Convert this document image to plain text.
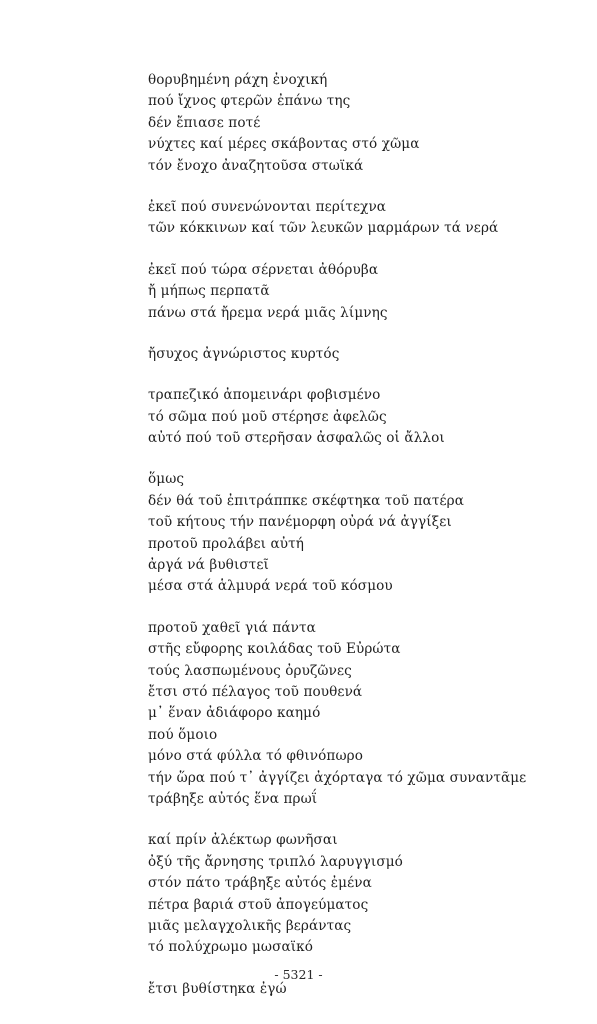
θορυβημένη ράχη ἐνοχική
πού ἴχνος φτερῶν ἐπάνω της
δέν ἔπιασε ποτέ
νύχτες καί μέρες σκάβοντας στό χῶμα
τόν ἔνοχο ἀναζητοῦσα στωϊκά
ἐκεῖ πού συνενώνονται περίτεχνα
τῶν κόκκινων καί τῶν λευκῶν μαρμάρων τά νερά
ἐκεῖ πού τώρα σέρνεται ἀθόρυβα
ἤ μήπως περπατᾶ
πάνω στά ἤρεμα νερά μιᾶς λίμνης
ἤσυχος ἀγνώριστος κυρτός
τραπεζικό ἀπομεινάρι φοβισμένο
τό σῶμα πού μοῦ στέρησε ἀφελῶς
αὐτό πού τοῦ στερῆσαν ἀσφαλῶς οἱ ἄλλοι
ὅμως
δέν θά τοῦ ἐπιτράππκε σκέφτηκα τοῦ πατέρα
τοῦ κήτους τήν πανέμορφη οὐρά νά ἀγγίξει
προτοῦ προλάβει αὐτή
ἀργά νά βυθιστεῖ
μέσα στά ἁλμυρά νερά τοῦ κόσμου
προτοῦ χαθεῖ γιά πάντα
στῆς εὔφορης κοιλάδας τοῦ Εὐρώτα
τούς λασπωμένους ὀρυζῶνες
ἔτσι στό πέλαγος τοῦ πουθενά
μ᾿ ἕναν ἀδιάφορο καημό
πού ὅμοιο
μόνο στά φύλλα τό φθινόπωρο
τήν ὥρα πού τ᾿ ἀγγίζει ἀχόρταγα τό χῶμα συναντᾶμε
τράβηξε αὐτός ἕνα πρωΐ
καί πρίν ἀλέκτωρ φωνῆσαι
ὀξύ τῆς ἄρνησης τριπλό λαρυγγισμό
στόν πάτο τράβηξε αὐτός ἐμένα
πέτρα βαριά στοῦ ἀπογεύματος
μιᾶς μελαγχολικῆς βεράντας
τό πολύχρωμο μωσαϊκό
ἔτσι βυθίστηκα ἐγώ
- 5321 -
